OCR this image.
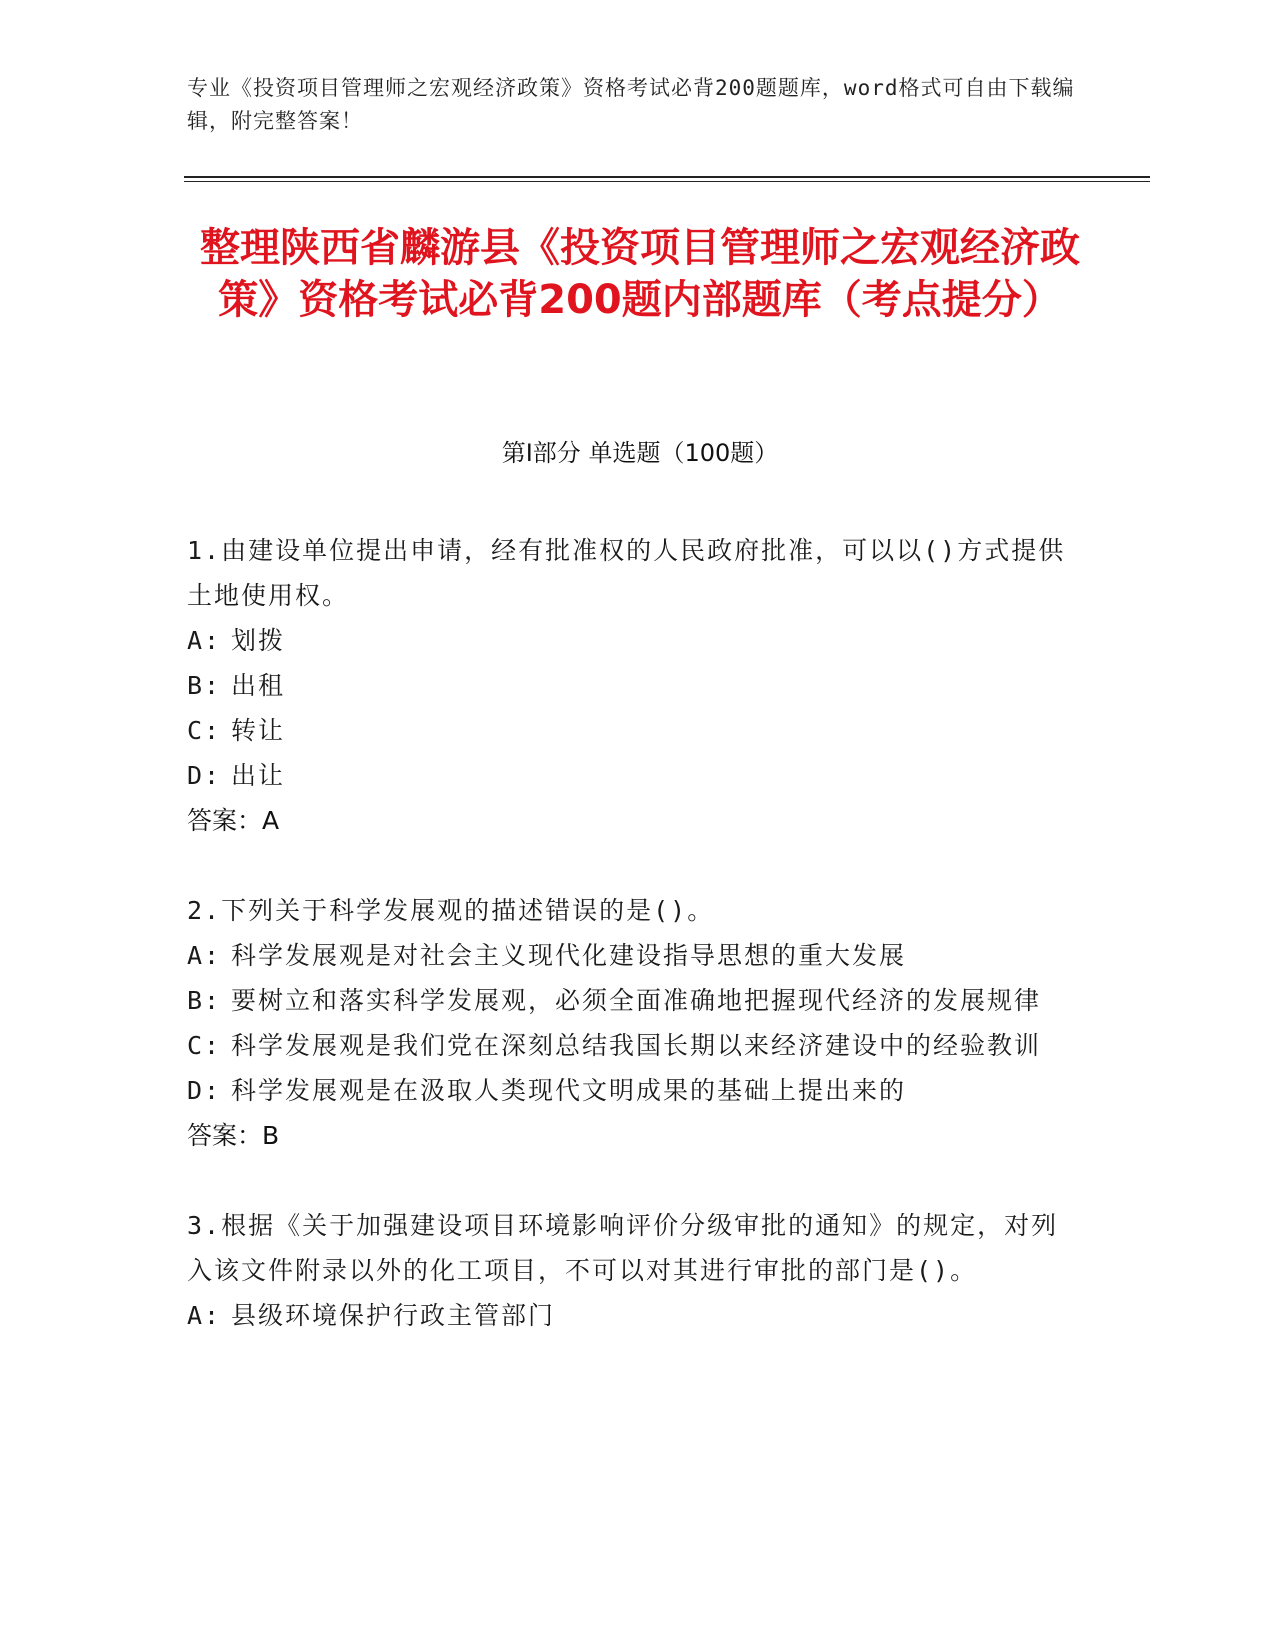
专业《投资项目管理师之宏观经济政策》资格考试必背200题题库，word格式可自由下载编辑，附完整答案！
整理陕西省麟游县《投资项目管理师之宏观经济政策》资格考试必背200题内部题库（考点提分）
第I部分 单选题（100题）

1.由建设单位提出申请，经有批准权的人民政府批准，可以以()方式提供土地使用权。

A: 划拨

B: 出租

C: 转让

D: 出让

答案：A

2.下列关于科学发展观的描述错误的是()。

A: 科学发展观是对社会主义现代化建设指导思想的重大发展

B: 要树立和落实科学发展观，必须全面准确地把握现代经济的发展规律

C: 科学发展观是我们党在深刻总结我国长期以来经济建设中的经验教训

D: 科学发展观是在汲取人类现代文明成果的基础上提出来的

答案：B

3.根据《关于加强建设项目环境影响评价分级审批的通知》的规定，对列入该文件附录以外的化工项目，不可以对其进行审批的部门是()。

A: 县级环境保护行政主管部门
